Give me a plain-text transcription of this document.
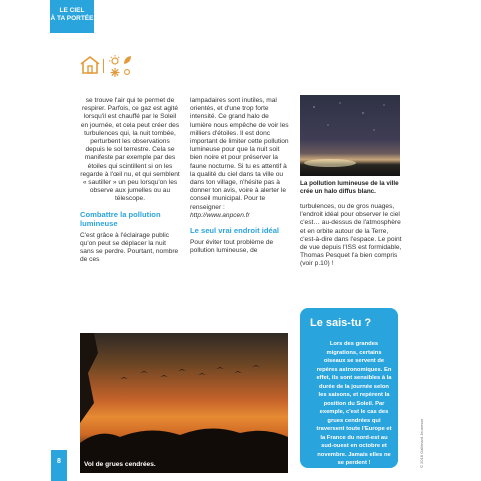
LE CIEL
À TA PORTÉE

se trouve l'air qui te permet de respirer. Parfois, ce gaz est agité lorsqu'il est chauffé par le Soleil en journée, et cela peut créer des turbulences qui, la nuit tombée, perturbent les observations depuis le sol terrestre. Cela se manifeste par exemple par des étoiles qui scintillent si on les regarde à l'œil nu, et qui semblent « sautiller » un peu lorsqu'on les observe aux jumelles ou au télescope.

Combattre la pollution lumineuse

C'est grâce à l'éclairage public qu'on peut se déplacer la nuit sans se perdre. Pourtant, nombre de ces

lampadaires sont inutiles, mal orientés, et d'une trop forte intensité. Ce grand halo de lumière nous empêche de voir les milliers d'étoiles. Il est donc important de limiter cette pollution lumineuse pour que la nuit soit bien noire et pour préserver la faune nocturne. Si tu es attentif à la qualité du ciel dans ta ville ou dans ton village, n'hésite pas à donner ton avis, voire à alerter le conseil municipal. Pour te renseigner :

http://www.anpcen.fr

Le seul vrai endroit idéal

Pour éviter tout problème de pollution lumineuse, de

La pollution lumineuse de la ville crée un halo diffus blanc.

turbulences, ou de gros nuages, l'endroit idéal pour observer le ciel c'est… au-dessus de l'atmosphère et en orbite autour de la Terre, c'est-à-dire dans l'espace. Le point de vue depuis l'ISS est formidable, Thomas Pesquet l'a bien compris (voir p.10) !

Vol de grues cendrées.
Le sais-tu ?
Lors des grandes migrations, certains oiseaux se servent de repères astronomiques. En effet, ils sont sensibles à la durée de la journée selon les saisons, et repèrent la position du Soleil. Par exemple, c'est le cas des grues cendrées qui traversent toute l'Europe et la France du nord-est au sud-ouest en octobre et novembre. Jamais elles ne se perdent !
8	© 2018 Gallimard Jeunesse
